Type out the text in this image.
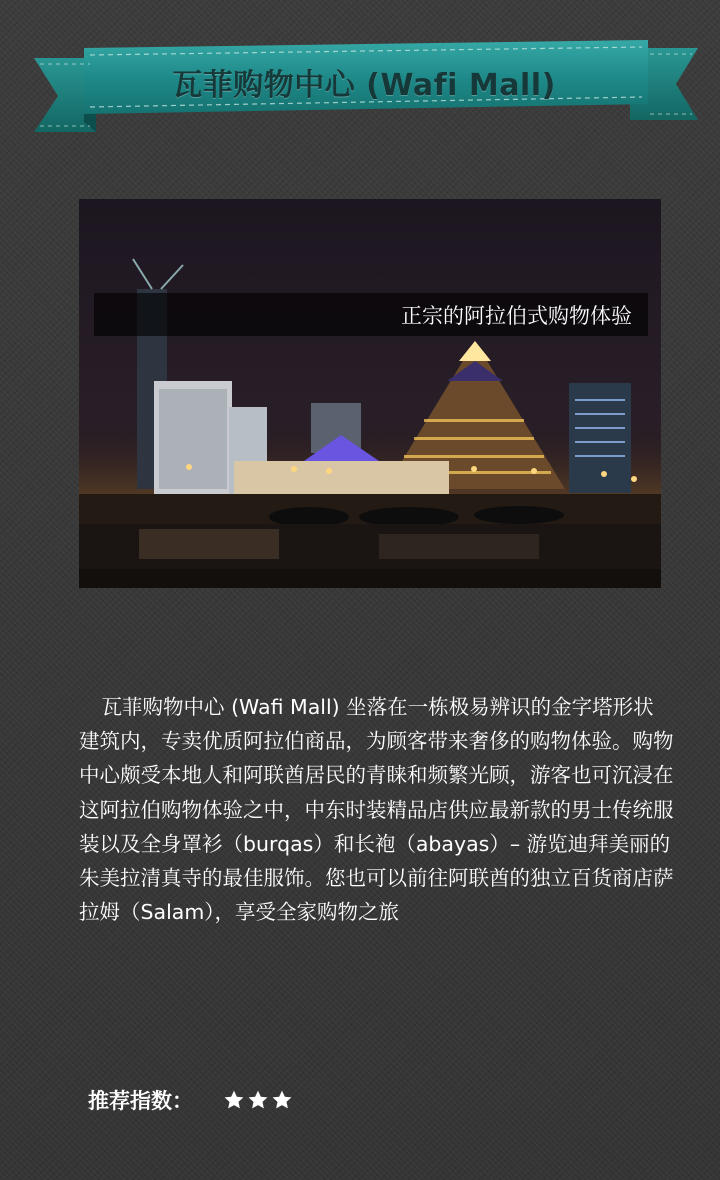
瓦菲购物中心 (Wafi Mall)
正宗的阿拉伯式购物体验

瓦菲购物中心 (Wafi Mall) 坐落在一栋极易辨识的金字塔形状建筑内，专卖优质阿拉伯商品，为顾客带来奢侈的购物体验。购物中心颇受本地人和阿联酋居民的青睐和频繁光顾，游客也可沉浸在这阿拉伯购物体验之中，中东时装精品店供应最新款的男士传统服装以及全身罩衫（burqas）和长袍（abayas）– 游览迪拜美丽的朱美拉清真寺的最佳服饰。您也可以前往阿联酋的独立百货商店萨拉姆（Salam），享受全家购物之旅

推荐指数：
